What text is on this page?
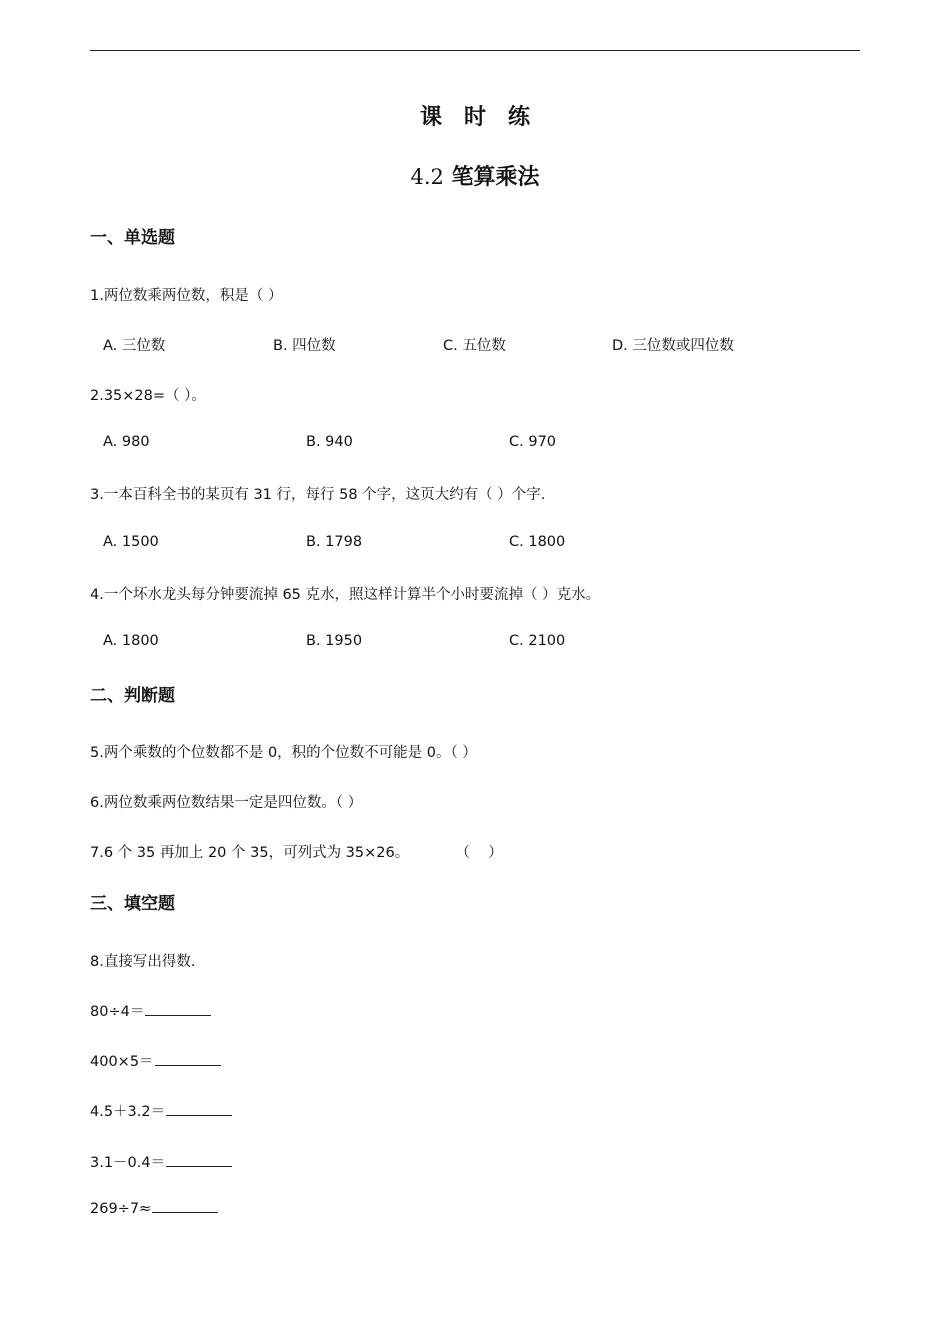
课时练
4.2 笔算乘法
一、单选题
1.两位数乘两位数，积是（ ）
A. 三位数	B. 四位数	C. 五位数	D. 三位数或四位数
2.35×28=（ ）。
A. 980	B. 940	C. 970
3.一本百科全书的某页有 31 行，每行 58 个字，这页大约有（ ）个字.
A. 1500	B. 1798	C. 1800
4.一个坏水龙头每分钟要流掉 65 克水，照这样计算半个小时要流掉（ ）克水。
A. 1800	B. 1950	C. 2100
二、判断题
5.两个乘数的个位数都不是 0，积的个位数不可能是 0。（ ）
6.两位数乘两位数结果一定是四位数。（ ）
7.6 个 35 再加上 20 个 35，可列式为 35×26。          （    ）
三、填空题
8.直接写出得数.
80÷4＝
400×5＝
4.5＋3.2＝
3.1－0.4＝
269÷7≈
